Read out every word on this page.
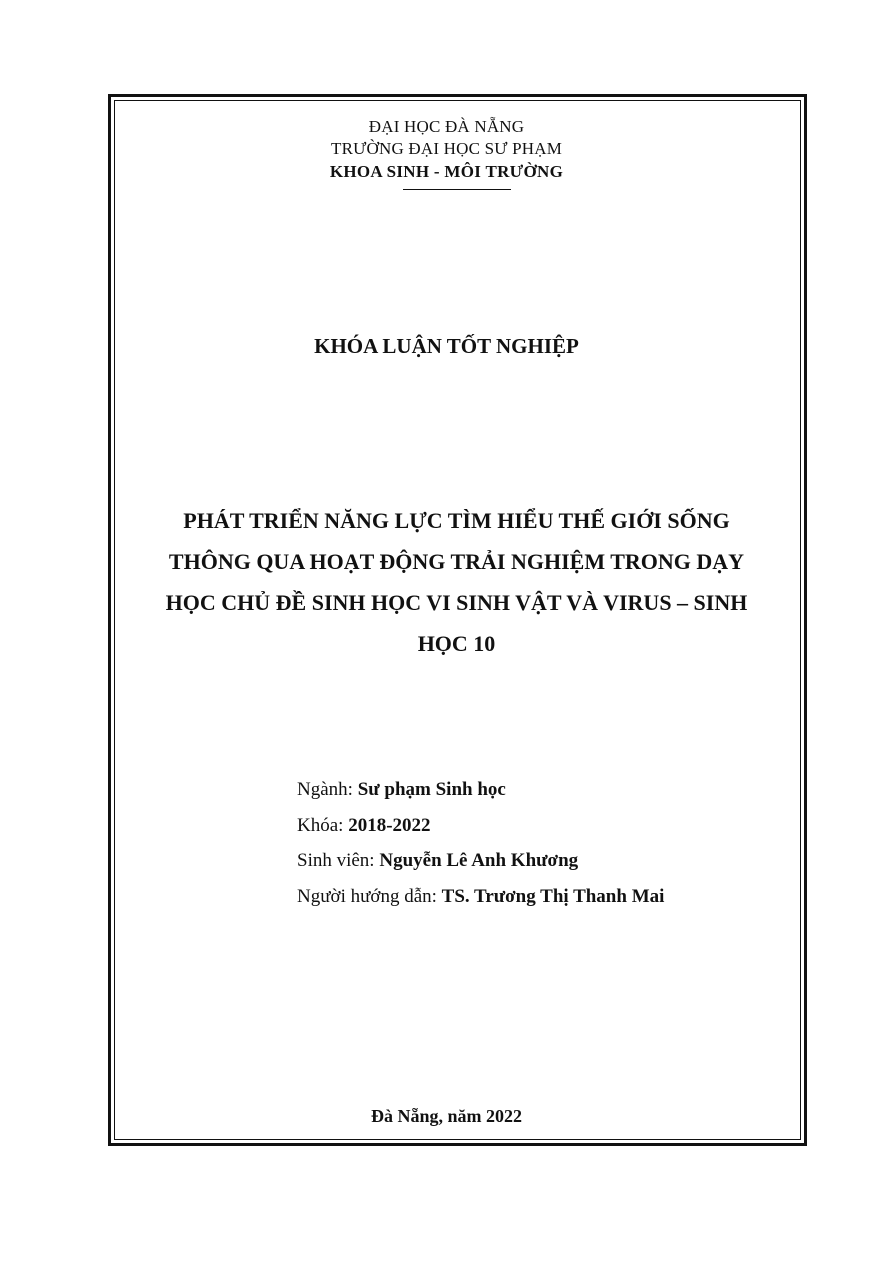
ĐẠI HỌC ĐÀ NẴNG
TRƯỜNG ĐẠI HỌC SƯ PHẠM
KHOA SINH - MÔI TRƯỜNG
KHÓA LUẬN TỐT NGHIỆP
PHÁT TRIỂN NĂNG LỰC TÌM HIỂU THẾ GIỚI SỐNG
THÔNG QUA HOẠT ĐỘNG TRẢI NGHIỆM TRONG DẠY
HỌC CHỦ ĐỀ SINH HỌC VI SINH VẬT VÀ VIRUS – SINH
HỌC 10
Ngành: Sư phạm Sinh học
Khóa: 2018-2022
Sinh viên: Nguyễn Lê Anh Khương
Người hướng dẫn: TS. Trương Thị Thanh Mai
Đà Nẵng, năm 2022
